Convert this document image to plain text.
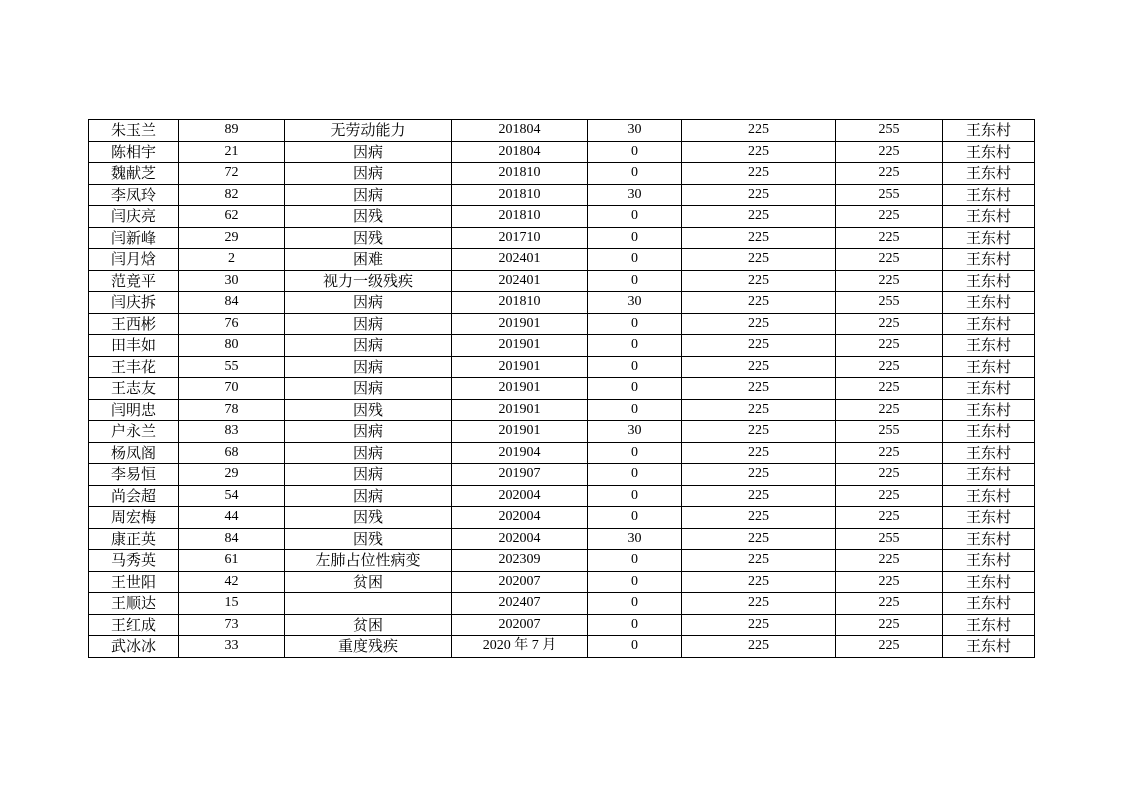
朱玉兰	89	无劳动能力	201804	30	225	255	王东村
陈相宇	21	因病	201804	0	225	225	王东村
魏献芝	72	因病	201810	0	225	225	王东村
李凤玲	82	因病	201810	30	225	255	王东村
闫庆亮	62	因残	201810	0	225	225	王东村
闫新峰	29	因残	201710	0	225	225	王东村
闫月焓	2	困难	202401	0	225	225	王东村
范竟平	30	视力一级残疾	202401	0	225	225	王东村
闫庆拆	84	因病	201810	30	225	255	王东村
王西彬	76	因病	201901	0	225	225	王东村
田丰如	80	因病	201901	0	225	225	王东村
王丰花	55	因病	201901	0	225	225	王东村
王志友	70	因病	201901	0	225	225	王东村
闫明忠	78	因残	201901	0	225	225	王东村
户永兰	83	因病	201901	30	225	255	王东村
杨凤阁	68	因病	201904	0	225	225	王东村
李易恒	29	因病	201907	0	225	225	王东村
尚会超	54	因病	202004	0	225	225	王东村
周宏梅	44	因残	202004	0	225	225	王东村
康正英	84	因残	202004	30	225	255	王东村
马秀英	61	左肺占位性病变	202309	0	225	225	王东村
王世阳	42	贫困	202007	0	225	225	王东村
王顺达	15		202407	0	225	225	王东村
王红成	73	贫困	202007	0	225	225	王东村
武冰冰	33	重度残疾	2020 年 7 月	0	225	225	王东村
